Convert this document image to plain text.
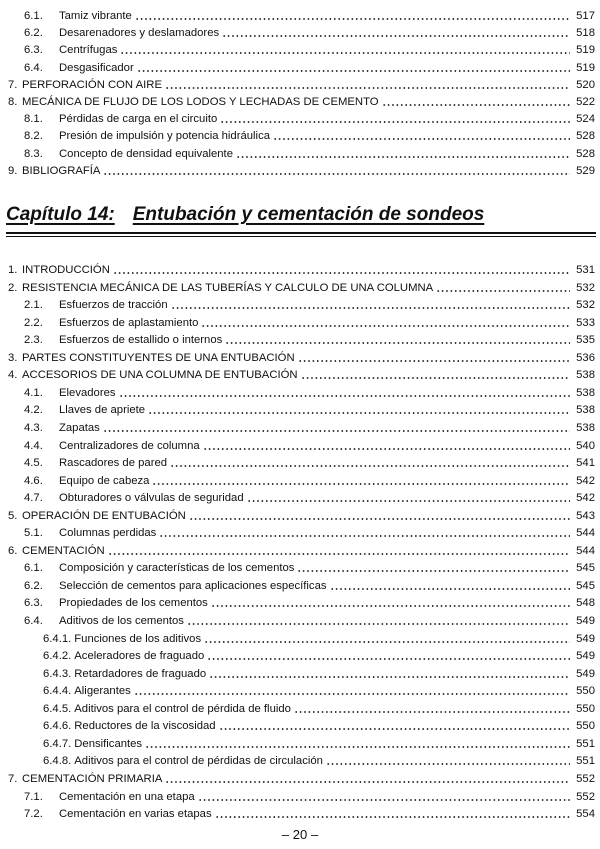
6.1.	Tamiz vibrante	517
6.2.	Desarenadores y deslamadores	518
6.3.	Centrífugas	519
6.4.	Desgasificador	519
7. PERFORACIÓN CON AIRE	520
8. MECÁNICA DE FLUJO DE LOS LODOS Y LECHADAS DE CEMENTO	522
8.1.	Pérdidas de carga en el circuito	524
8.2.	Presión de impulsión y potencia hidráulica	528
8.3.	Concepto de densidad equivalente	528
9. BIBLIOGRAFÍA	529
Capítulo 14: Entubación y cementación de sondeos
1. INTRODUCCIÓN	531
2. RESISTENCIA MECÁNICA DE LAS TUBERÍAS Y CALCULO DE UNA COLUMNA	532
2.1.	Esfuerzos de tracción	532
2.2.	Esfuerzos de aplastamiento	533
2.3.	Esfuerzos de estallido o internos	535
3. PARTES CONSTITUYENTES DE UNA ENTUBACIÓN	536
4. ACCESORIOS DE UNA COLUMNA DE ENTUBACIÓN	538
4.1.	Elevadores	538
4.2.	Llaves de apriete	538
4.3.	Zapatas	538
4.4.	Centralizadores de columna	540
4.5.	Rascadores de pared	541
4.6.	Equipo de cabeza	542
4.7.	Obturadores o válvulas de seguridad	542
5. OPERACIÓN DE ENTUBACIÓN	543
5.1.	Columnas perdidas	544
6. CEMENTACIÓN	544
6.1.	Composición y características de los cementos	545
6.2.	Selección de cementos para aplicaciones específicas	545
6.3.	Propiedades de los cementos	548
6.4.	Aditivos de los cementos	549
6.4.1. Funciones de los aditivos	549
6.4.2. Aceleradores de fraguado	549
6.4.3. Retardadores de fraguado	549
6.4.4. Aligerantes	550
6.4.5. Aditivos para el control de pérdida de fluido	550
6.4.6. Reductores de la viscosidad	550
6.4.7. Densificantes	551
6.4.8. Aditivos para el control de pérdidas de circulación	551
7. CEMENTACIÓN PRIMARIA	552
7.1.	Cementación en una etapa	552
7.2.	Cementación en varias etapas	554
– 20 –
